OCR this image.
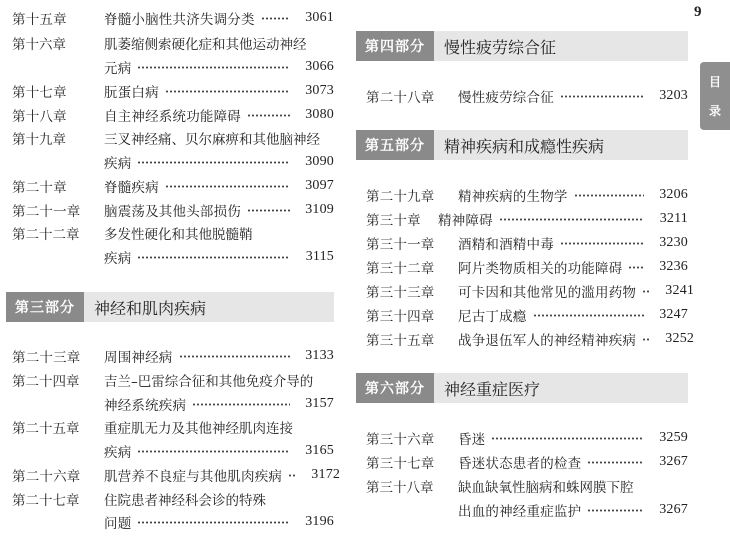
9
目
录
第十五章	脊髓小脑性共济失调分类	3061
第十六章	肌萎缩侧索硬化症和其他运动神经
元病	3066
第十七章	朊蛋白病	3073
第十八章	自主神经系统功能障碍	3080
第十九章	三叉神经痛、贝尔麻痹和其他脑神经
疾病	3090
第二十章	脊髓疾病	3097
第二十一章	脑震荡及其他头部损伤	3109
第二十二章	多发性硬化和其他脱髓鞘
疾病	3115
第三部分	神经和肌肉疾病
第二十三章	周围神经病	3133
第二十四章	吉兰–巴雷综合征和其他免疫介导的
神经系统疾病	3157
第二十五章	重症肌无力及其他神经肌肉连接
疾病	3165
第二十六章	肌营养不良症与其他肌肉疾病	3172
第二十七章	住院患者神经科会诊的特殊
问题	3196
第四部分	慢性疲劳综合征
第二十八章	慢性疲劳综合征	3203
第五部分	精神疾病和成瘾性疾病
第二十九章	精神疾病的生物学	3206
第三十章	精神障碍	3211
第三十一章	酒精和酒精中毒	3230
第三十二章	阿片类物质相关的功能障碍	3236
第三十三章	可卡因和其他常见的滥用药物	3241
第三十四章	尼古丁成瘾	3247
第三十五章	战争退伍军人的神经精神疾病	3252
第六部分	神经重症医疗
第三十六章	昏迷	3259
第三十七章	昏迷状态患者的检查	3267
第三十八章	缺血缺氧性脑病和蛛网膜下腔
出血的神经重症监护	3267
